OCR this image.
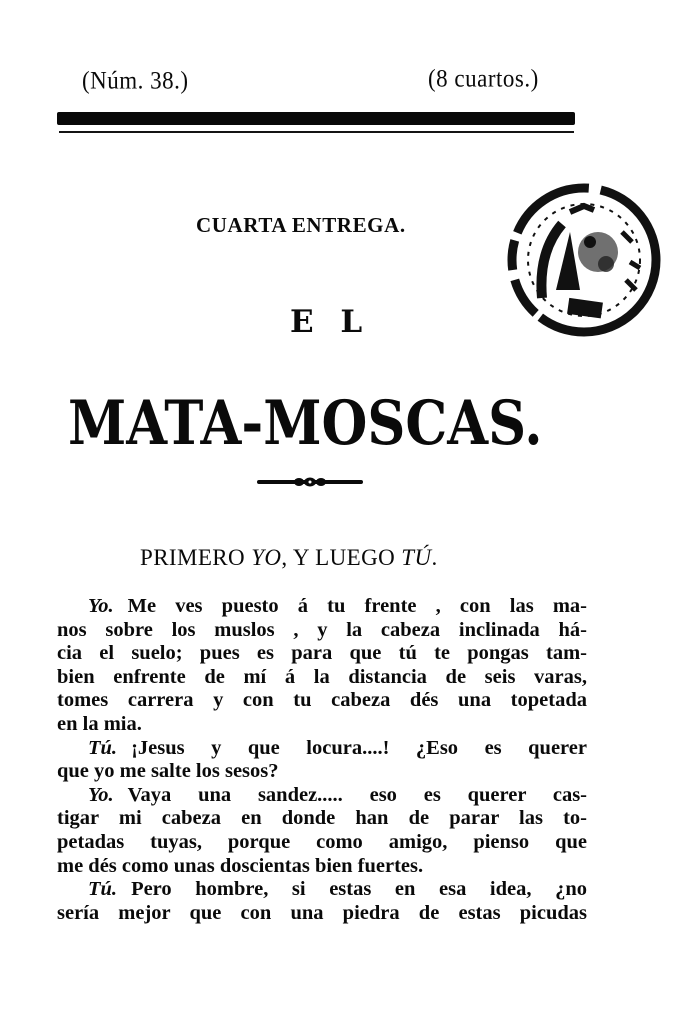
(Núm. 38.)	(8 cuartos.)
CUARTA ENTREGA.
E L
MATA-MOSCAS.
PRIMERO YO, Y LUEGO TÚ.
Yo. Me ves puesto á tu frente , con las ma-
nos sobre los muslos , y la cabeza inclinada há-
cia el suelo; pues es para que tú te pongas tam-
bien enfrente de mí á la distancia de seis varas,
tomes carrera y con tu cabeza dés una topetada
en la mia.
Tú. ¡Jesus y que locura....! ¿Eso es querer
que yo me salte los sesos?
Yo. Vaya una sandez..... eso es querer cas-
tigar mi cabeza en donde han de parar las to-
petadas tuyas, porque como amigo, pienso que
me dés como unas doscientas bien fuertes.
Tú. Pero hombre, si estas en esa idea, ¿no
sería mejor que con una piedra de estas picudas
